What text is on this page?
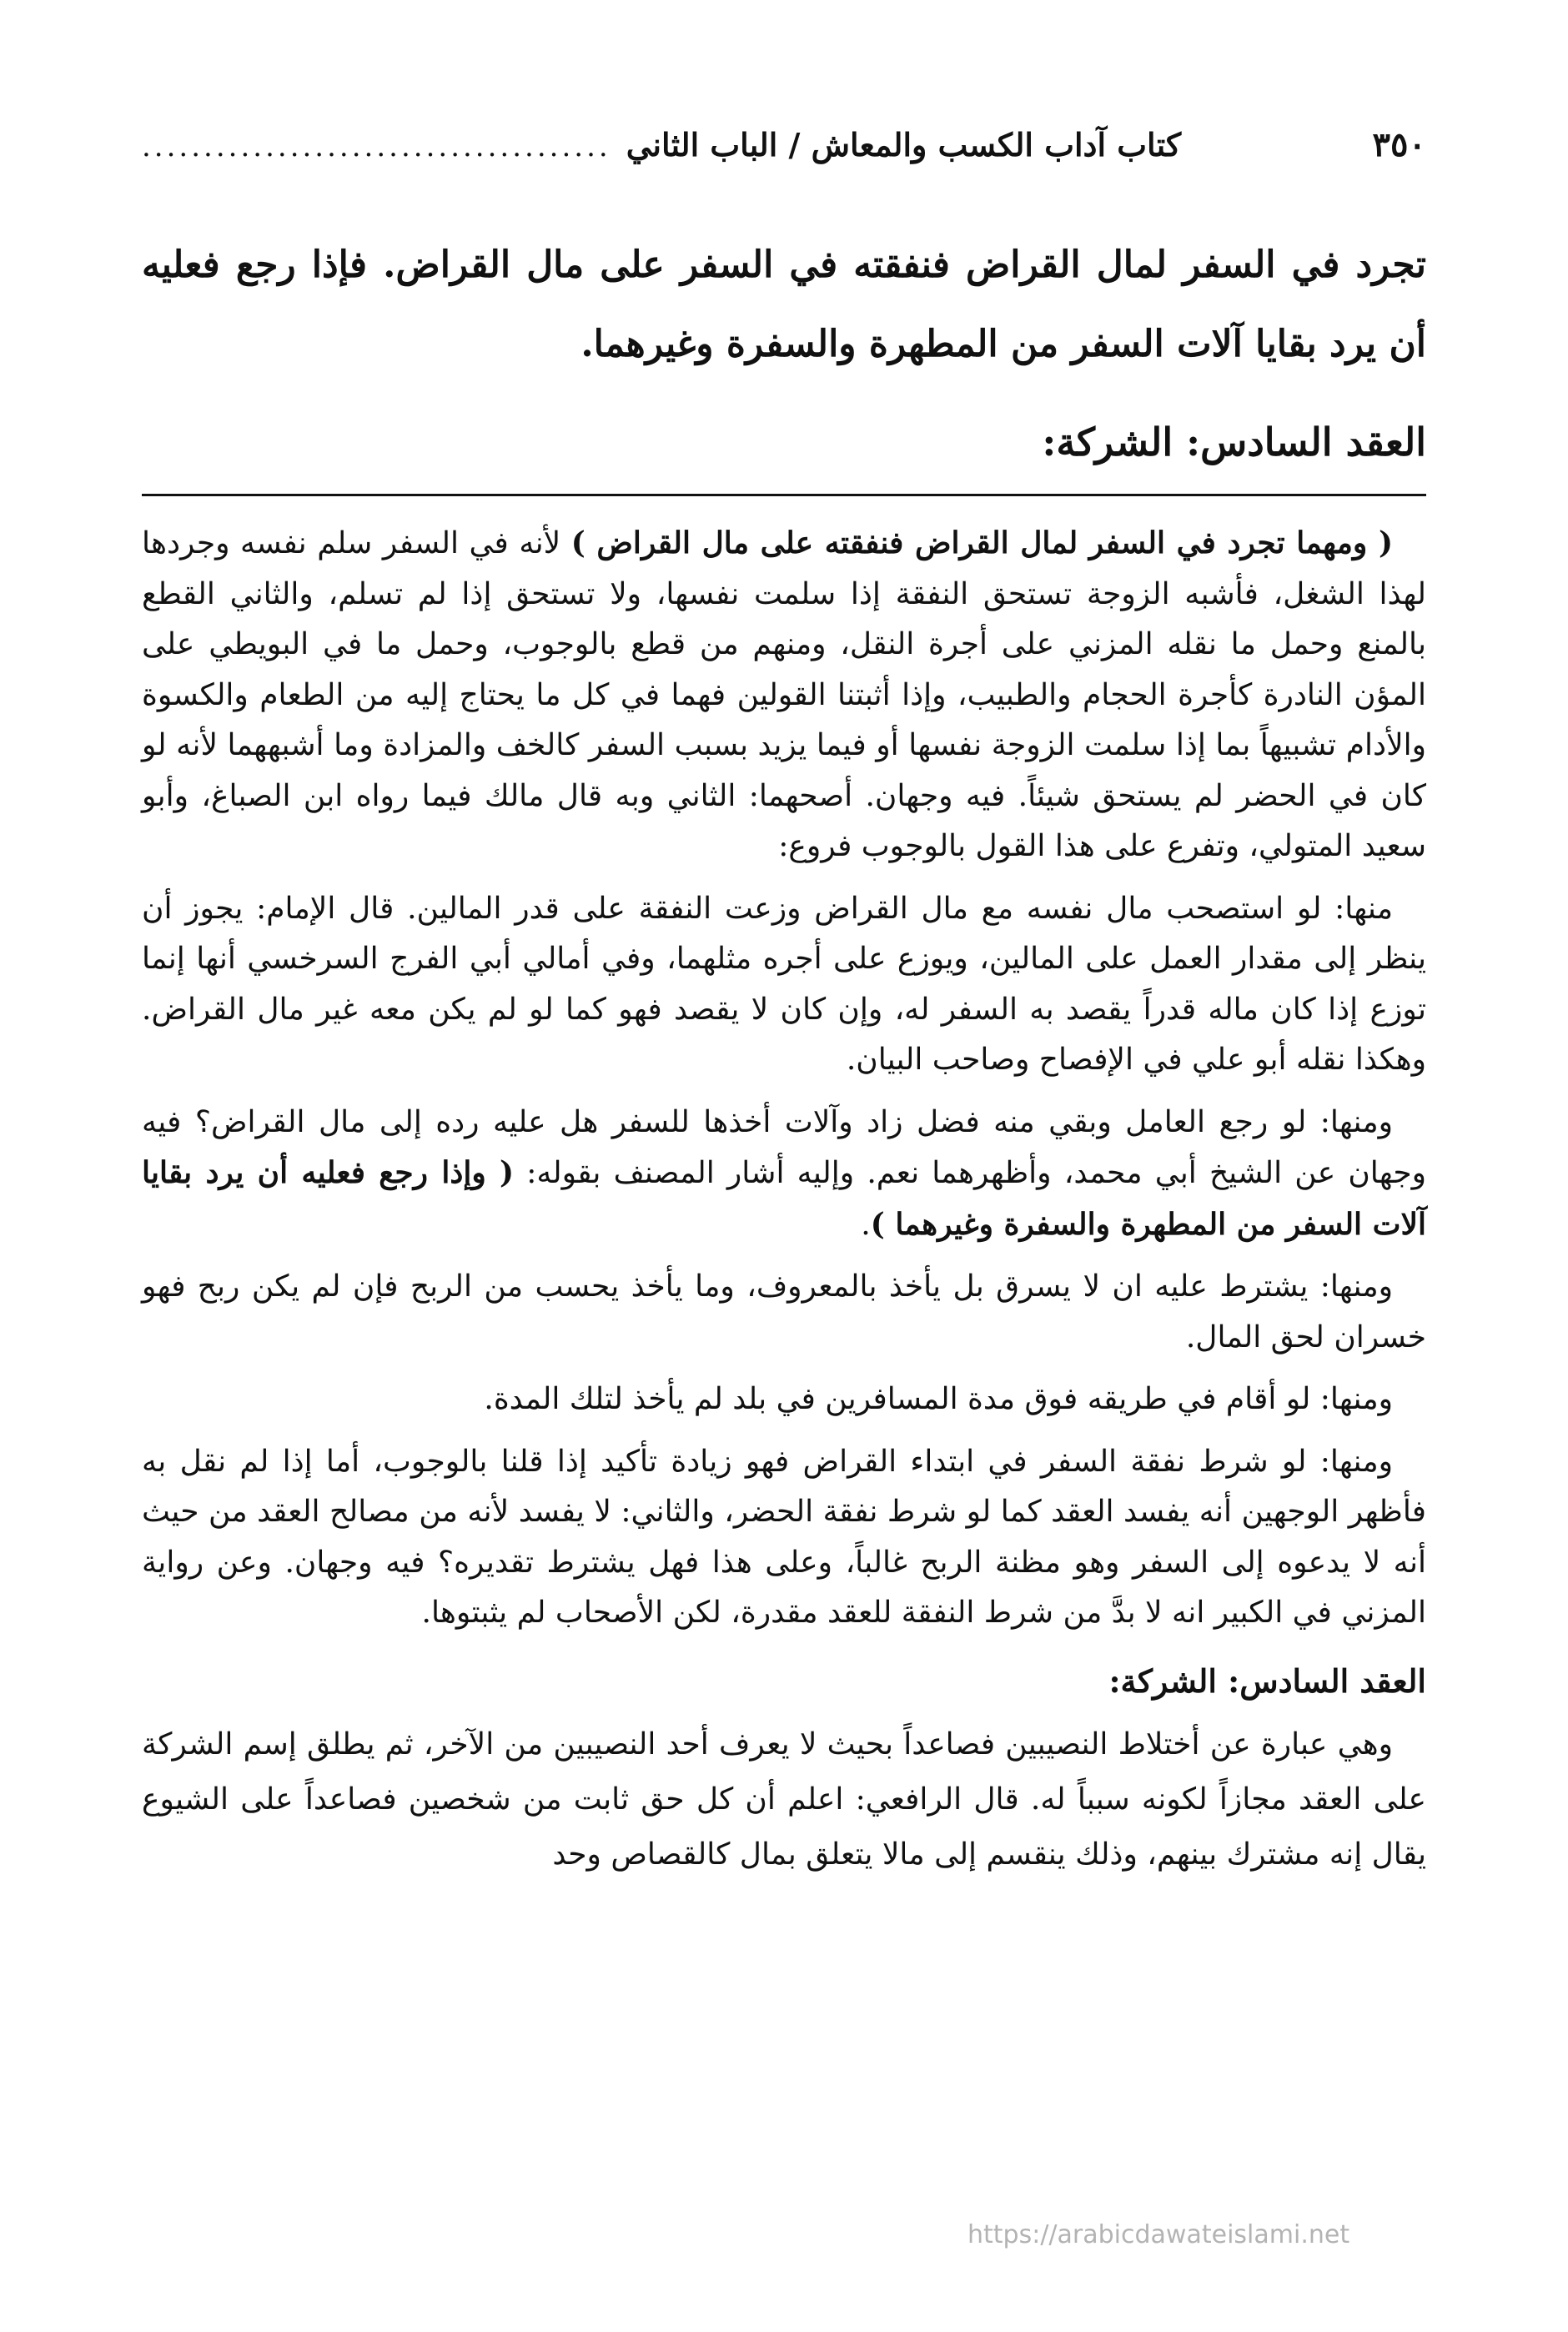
٣٥٠
كتاب آداب الكسب والمعاش / الباب الثاني
......................................
تجرد في السفر لمال القراض فنفقته في السفر على مال القراض. فإذا رجع فعليه أن يرد بقايا آلات السفر من المطهرة والسفرة وغيرهما.
العقد السادس: الشركة:

( ومهما تجرد في السفر لمال القراض فنفقته على مال القراض ) لأنه في السفر سلم نفسه وجردها لهذا الشغل، فأشبه الزوجة تستحق النفقة إذا سلمت نفسها، ولا تستحق إذا لم تسلم، والثاني القطع بالمنع وحمل ما نقله المزني على أجرة النقل، ومنهم من قطع بالوجوب، وحمل ما في البويطي على المؤن النادرة كأجرة الحجام والطبيب، وإذا أثبتنا القولين فهما في كل ما يحتاج إليه من الطعام والكسوة والأدام تشبيهاً بما إذا سلمت الزوجة نفسها أو فيما يزيد بسبب السفر كالخف والمزادة وما أشبههما لأنه لو كان في الحضر لم يستحق شيئاً. فيه وجهان. أصحهما: الثاني وبه قال مالك فيما رواه ابن الصباغ، وأبو سعيد المتولي، وتفرع على هذا القول بالوجوب فروع:

منها: لو استصحب مال نفسه مع مال القراض وزعت النفقة على قدر المالين. قال الإمام: يجوز أن ينظر إلى مقدار العمل على المالين، ويوزع على أجره مثلهما، وفي أمالي أبي الفرج السرخسي أنها إنما توزع إذا كان ماله قدراً يقصد به السفر له، وإن كان لا يقصد فهو كما لو لم يكن معه غير مال القراض. وهكذا نقله أبو علي في الإفصاح وصاحب البيان.

ومنها: لو رجع العامل وبقي منه فضل زاد وآلات أخذها للسفر هل عليه رده إلى مال القراض؟ فيه وجهان عن الشيخ أبي محمد، وأظهرهما نعم. وإليه أشار المصنف بقوله: ( وإذا رجع فعليه أن يرد بقايا آلات السفر من المطهرة والسفرة وغيرهما ).

ومنها: يشترط عليه ان لا يسرق بل يأخذ بالمعروف، وما يأخذ يحسب من الربح فإن لم يكن ربح فهو خسران لحق المال.

ومنها: لو أقام في طريقه فوق مدة المسافرين في بلد لم يأخذ لتلك المدة.

ومنها: لو شرط نفقة السفر في ابتداء القراض فهو زيادة تأكيد إذا قلنا بالوجوب، أما إذا لم نقل به فأظهر الوجهين أنه يفسد العقد كما لو شرط نفقة الحضر، والثاني: لا يفسد لأنه من مصالح العقد من حيث أنه لا يدعوه إلى السفر وهو مظنة الربح غالباً، وعلى هذا فهل يشترط تقديره؟ فيه وجهان. وعن رواية المزني في الكبير انه لا بدَّ من شرط النفقة للعقد مقدرة، لكن الأصحاب لم يثبتوها.

العقد السادس: الشركة:

وهي عبارة عن أختلاط النصيبين فصاعداً بحيث لا يعرف أحد النصيبين من الآخر، ثم يطلق إسم الشركة على العقد مجازاً لكونه سبباً له. قال الرافعي: اعلم أن كل حق ثابت من شخصين فصاعداً على الشيوع يقال إنه مشترك بينهم، وذلك ينقسم إلى مالا يتعلق بمال كالقصاص وحد

https://arabicdawateislami.net
